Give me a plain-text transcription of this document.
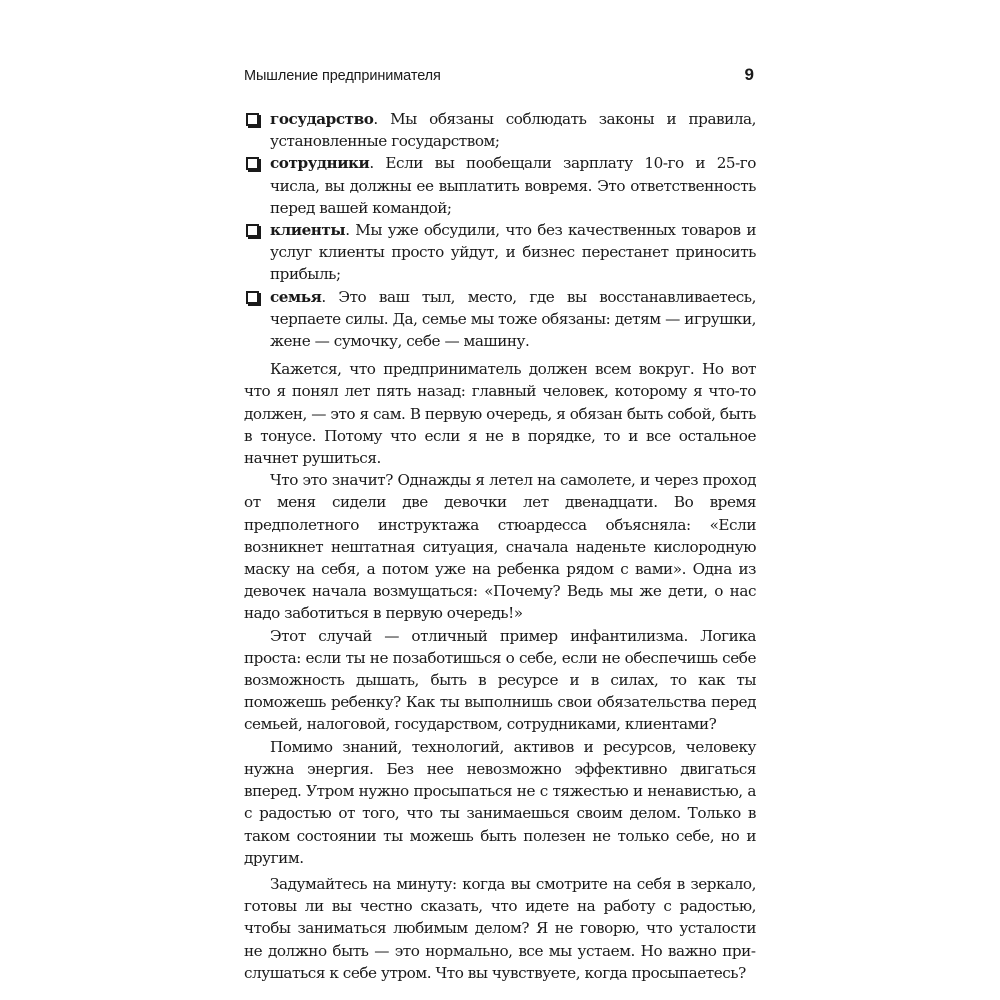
Мышление предпринимателя	9
государство. Мы обязаны соблюдать законы и правила, установленные государством;
сотрудники. Если вы пообещали зарплату 10-го и 25-го числа, вы должны ее выплатить вовремя. Это ответственность перед вашей командой;
клиенты. Мы уже обсудили, что без качественных товаров и услуг клиенты просто уйдут, и бизнес перестанет приносить прибыль;
семья. Это ваш тыл, место, где вы восстанавливаетесь, черпаете силы. Да, семье мы тоже обязаны: детям — игрушки, жене — сумочку, себе — машину.

Кажется, что предприниматель должен всем вокруг. Но вот что я понял лет пять назад: главный человек, которому я что-то должен, — это я сам. В первую очередь, я обязан быть собой, быть в тонусе. Потому что если я не в порядке, то и все остальное начнет рушиться.

Что это значит? Однажды я летел на самолете, и через проход от меня сидели две девочки лет двенадцати. Во время предполетного инструктажа стюардесса объясняла: «Если возникнет нештатная ситуация, сначала наденьте кислородную маску на себя, а потом уже на ребенка рядом с вами». Одна из девочек начала возмущаться: «Почему? Ведь мы же дети, о нас надо заботиться в первую очередь!»

Этот случай — отличный пример инфантилизма. Логика проста: если ты не позаботишься о себе, если не обеспечишь себе возможность дышать, быть в ресурсе и в силах, то как ты поможешь ребенку? Как ты выполнишь свои обязательства перед семьей, налоговой, государством, сотрудниками, клиентами?

Помимо знаний, технологий, активов и ресурсов, человеку нужна энергия. Без нее невозможно эффективно двигаться вперед. Утром нужно просыпаться не с тяжестью и ненавистью, а с радостью от того, что ты занимаешься своим делом. Только в таком состоянии ты можешь быть полезен не только себе, но и другим.

Задумайтесь на минуту: когда вы смотрите на себя в зеркало, готовы ли вы честно сказать, что идете на работу с радостью, чтобы заниматься любимым делом? Я не говорю, что усталости не должно быть — это нормально, все мы устаем. Но важно прислушаться к себе утром. Что вы чувствуете, когда просыпаетесь?
